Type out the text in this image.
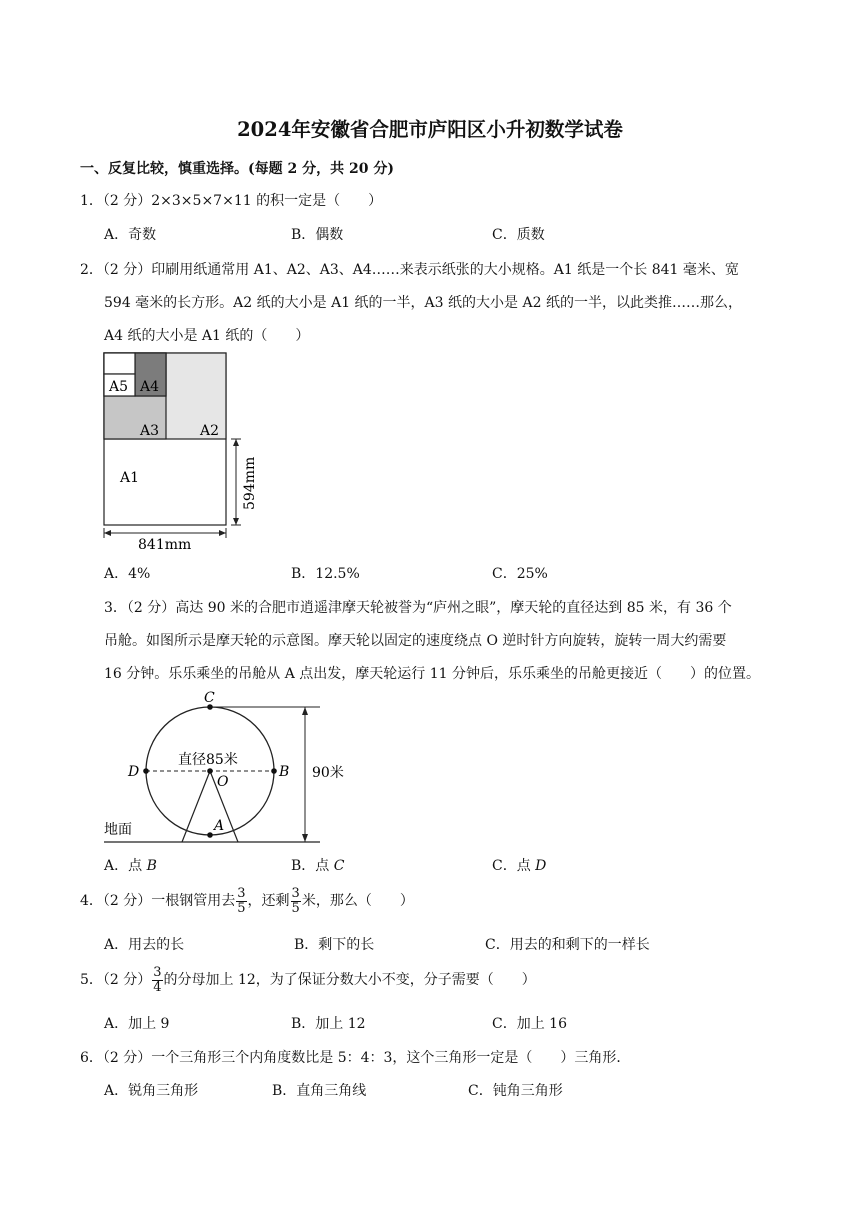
2024年安徽省合肥市庐阳区小升初数学试卷
一、反复比较，慎重选择。(每题 2 分，共 20 分)
1．（2 分）2×3×5×7×11 的积一定是（　　）
A．奇数	B．偶数	C．质数
2．（2 分）印刷用纸通常用 A1、A2、A3、A4……来表示纸张的大小规格。A1 纸是一个长 841 毫米、宽
594 毫米的长方形。A2 纸的大小是 A1 纸的一半，A3 纸的大小是 A2 纸的一半，以此类推……那么，
A4 纸的大小是 A1 纸的（　　）
A5 A4
A3	A2
A1	594mm
841mm
A．4%	B．12.5%	C．25%
3．（2 分）高达 90 米的合肥市逍遥津摩天轮被誉为“庐州之眼”，摩天轮的直径达到 85 米，有 36 个
吊舱。如图所示是摩天轮的示意图。摩天轮以固定的速度绕点 O 逆时针方向旋转，旋转一周大约需要
16 分钟。乐乐乘坐的吊舱从 A 点出发，摩天轮运行 11 分钟后，乐乐乘坐的吊舱更接近（　　）的位置。
C
D	B
O
A
直径85米
90米
地面
A．点 B	B．点 C	C．点 D
4．（2 分）一根钢管用去 $\frac{3}{5}$ ，还剩 $\frac{3}{5}$ 米，那么（　　）
A．用去的长	B．剩下的长	C．用去的和剩下的一样长
5．（2 分） $\frac{3}{4}$ 的分母加上 12，为了保证分数大小不变，分子需要（　　）
A．加上 9	B．加上 12	C．加上 16
6．（2 分）一个三角形三个内角度数比是 5：4：3，这个三角形一定是（　　）三角形．
A．锐角三角形	B．直角三角线	C．钝角三角形
